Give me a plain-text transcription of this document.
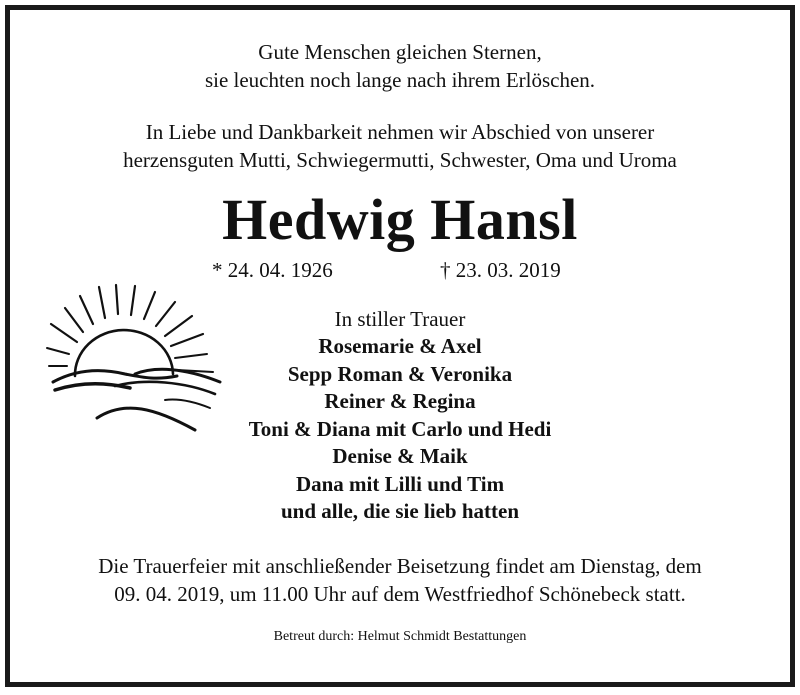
Gute Menschen gleichen Sternen,
sie leuchten noch lange nach ihrem Erlöschen.
In Liebe und Dankbarkeit nehmen wir Abschied von unserer
herzensguten Mutti, Schwiegermutti, Schwester, Oma und Uroma
Hedwig Hansl
* 24. 04. 1926	† 23. 03. 2019
In stiller Trauer
Rosemarie & Axel
Sepp Roman & Veronika
Reiner & Regina
Toni & Diana mit Carlo und Hedi
Denise & Maik
Dana mit Lilli und Tim
und alle, die sie lieb hatten
Die Trauerfeier mit anschließender Beisetzung findet am Dienstag, dem
09. 04. 2019, um 11.00 Uhr auf dem Westfriedhof Schönebeck statt.
Betreut durch: Helmut Schmidt Bestattungen
